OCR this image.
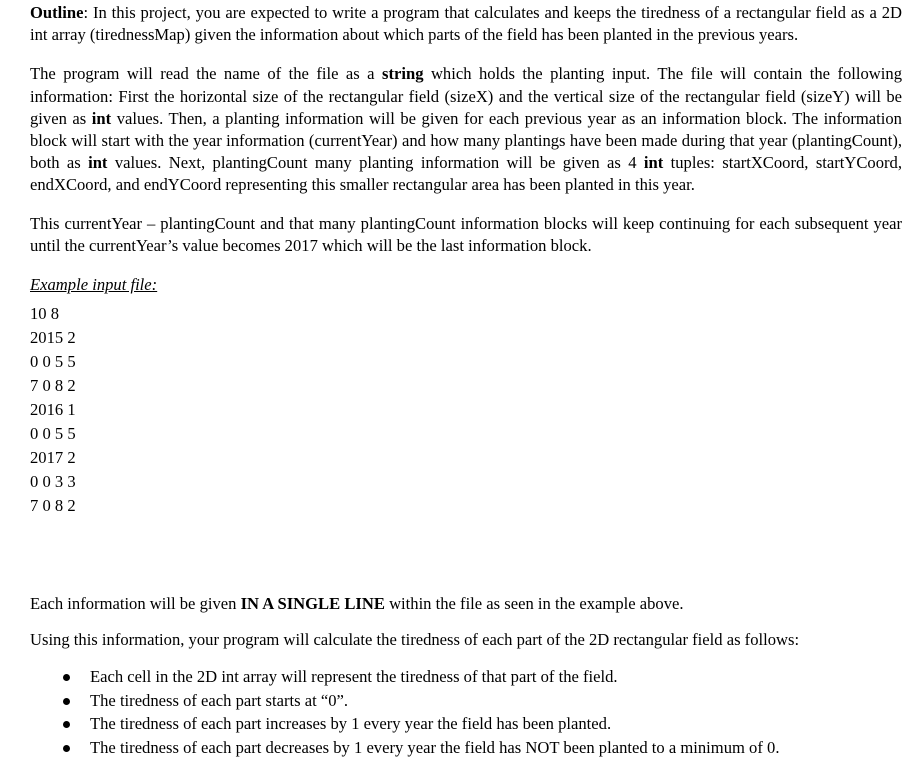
Outline: In this project, you are expected to write a program that calculates and keeps the tiredness of a rectangular field as a 2D int array (tirednessMap) given the information about which parts of the field has been planted in the previous years.

The program will read the name of the file as a string which holds the planting input. The file will contain the following information: First the horizontal size of the rectangular field (sizeX) and the vertical size of the rectangular field (sizeY) will be given as int values. Then, a planting information will be given for each previous year as an information block. The information block will start with the year information (currentYear) and how many plantings have been made during that year (plantingCount), both as int values. Next, plantingCount many planting information will be given as 4 int tuples: startXCoord, startYCoord, endXCoord, and endYCoord representing this smaller rectangular area has been planted in this year.

This currentYear – plantingCount and that many plantingCount information blocks will keep continuing for each subsequent year until the currentYear’s value becomes 2017 which will be the last information block.

Example input file:

10 8
2015 2
0 0 5 5
7 0 8 2
2016 1
0 0 5 5
2017 2
0 0 3 3
7 0 8 2

Each information will be given IN A SINGLE LINE within the file as seen in the example above.

Using this information, your program will calculate the tiredness of each part of the 2D rectangular field as follows:

Each cell in the 2D int array will represent the tiredness of that part of the field.
The tiredness of each part starts at “0”.
The tiredness of each part increases by 1 every year the field has been planted.
The tiredness of each part decreases by 1 every year the field has NOT been planted to a minimum of 0.
